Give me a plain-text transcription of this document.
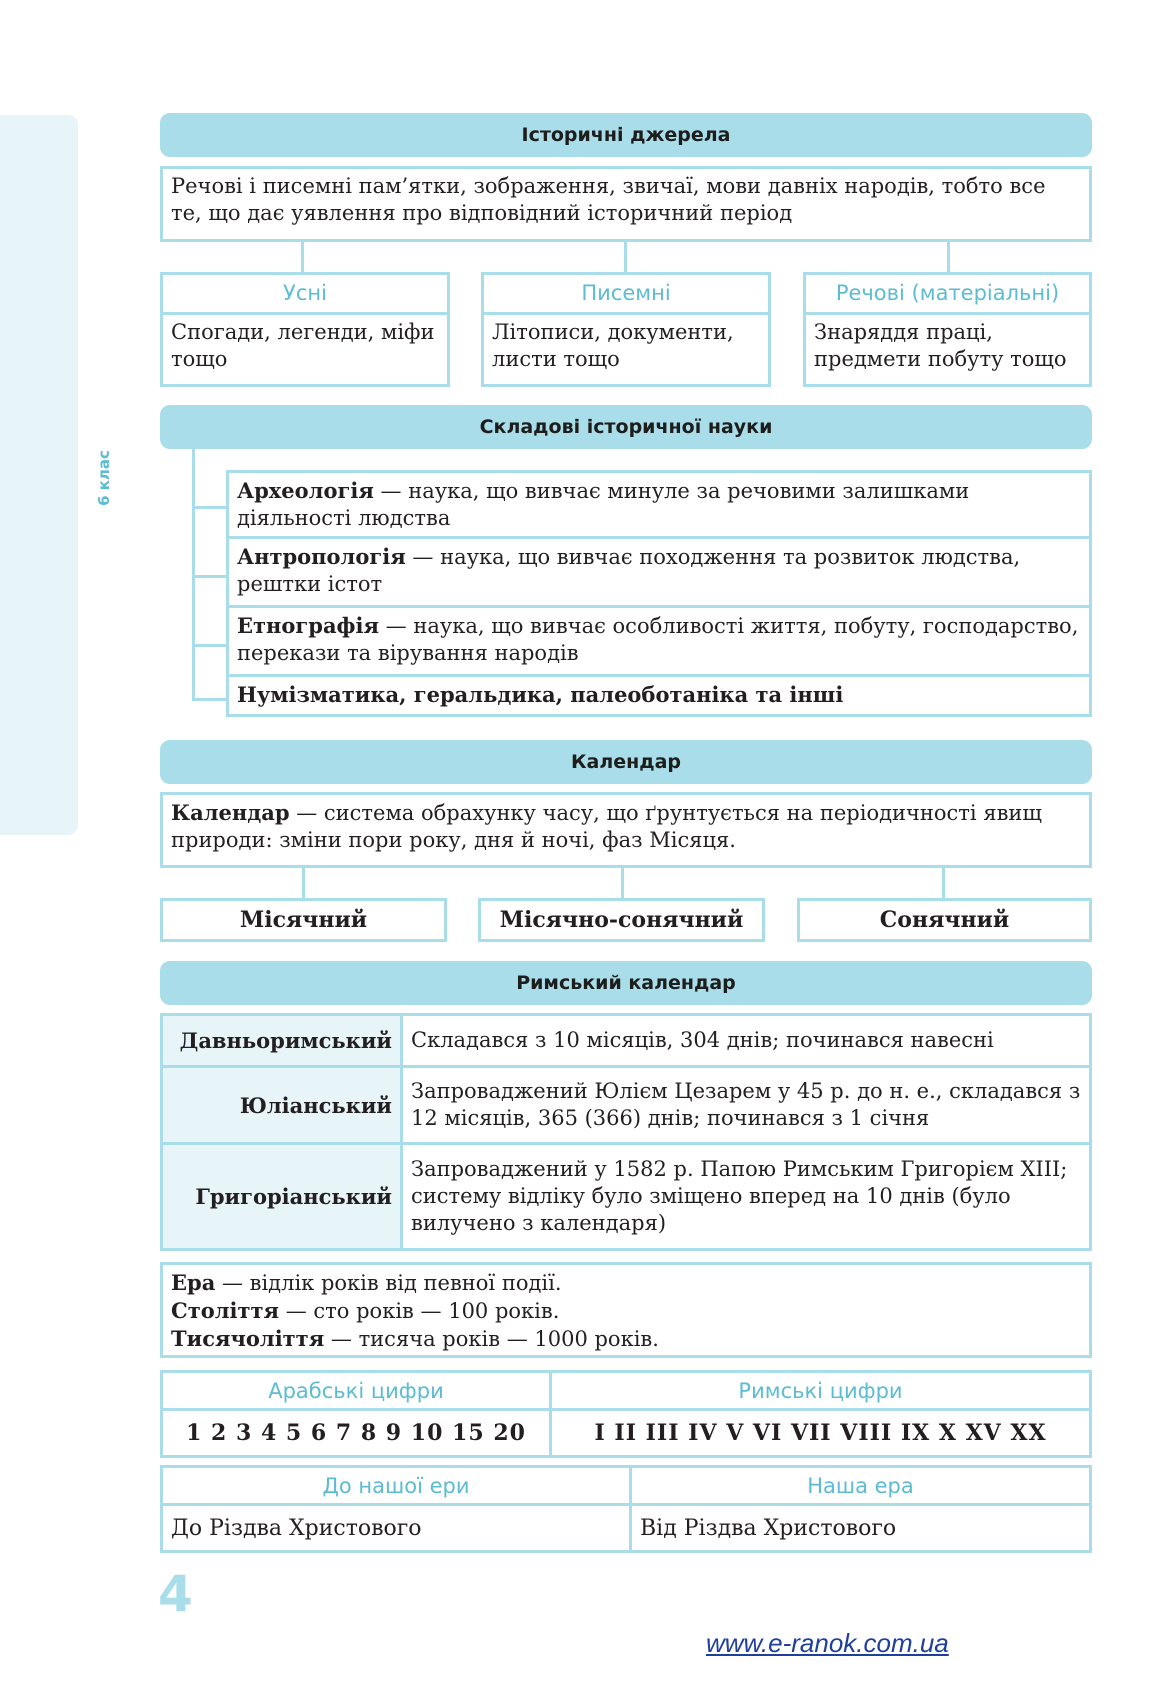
6 клас
Історичні джерела
Речові і писемні пам’ятки, зображення, звичаї, мови давніх народів, тобто все те, що дає уявлення про відповідний історичний період
Усні
Спогади, легенди, міфи тощо
Писемні
Літописи, документи, листи тощо
Речові (матеріальні)
Знаряддя праці, предмети побуту тощо
Складові історичної науки
Археологія — наука, що вивчає минуле за речовими залишками діяльності людства
Антропологія — наука, що вивчає походження та розвиток людства, рештки істот
Етнографія — наука, що вивчає особливості життя, побуту, господарство, перекази та вірування народів
Нумізматика, геральдика, палеоботаніка та інші
Календар
Календар — система обрахунку часу, що ґрунтується на періодичності явищ природи: зміни пори року, дня й ночі, фаз Місяця.
Місячний	Місячно-сонячний	Сонячний
Римський календар
Давньоримський	Складався з 10 місяців, 304 днів; починався навесні
Юліанський	Запроваджений Юлієм Цезарем у 45 р. до н. е., складався з 12 місяців, 365 (366) днів; починався з 1 січня
Григоріанський	Запроваджений у 1582 р. Папою Римським Григорієм XIII; систему відліку було зміщено вперед на 10 днів (було вилучено з календаря)
Ера — відлік років від певної події.
Століття — сто років — 100 років.
Тисячоліття — тисяча років — 1000 років.
Арабські цифри
1 2 3 4 5 6 7 8 9 10 15 20
Римські цифри
I II III IV V VI VII VIII IX X XV XX
До нашої ери
До Різдва Христового
Наша ера
Від Різдва Христового
4
www.e-ranok.com.ua
